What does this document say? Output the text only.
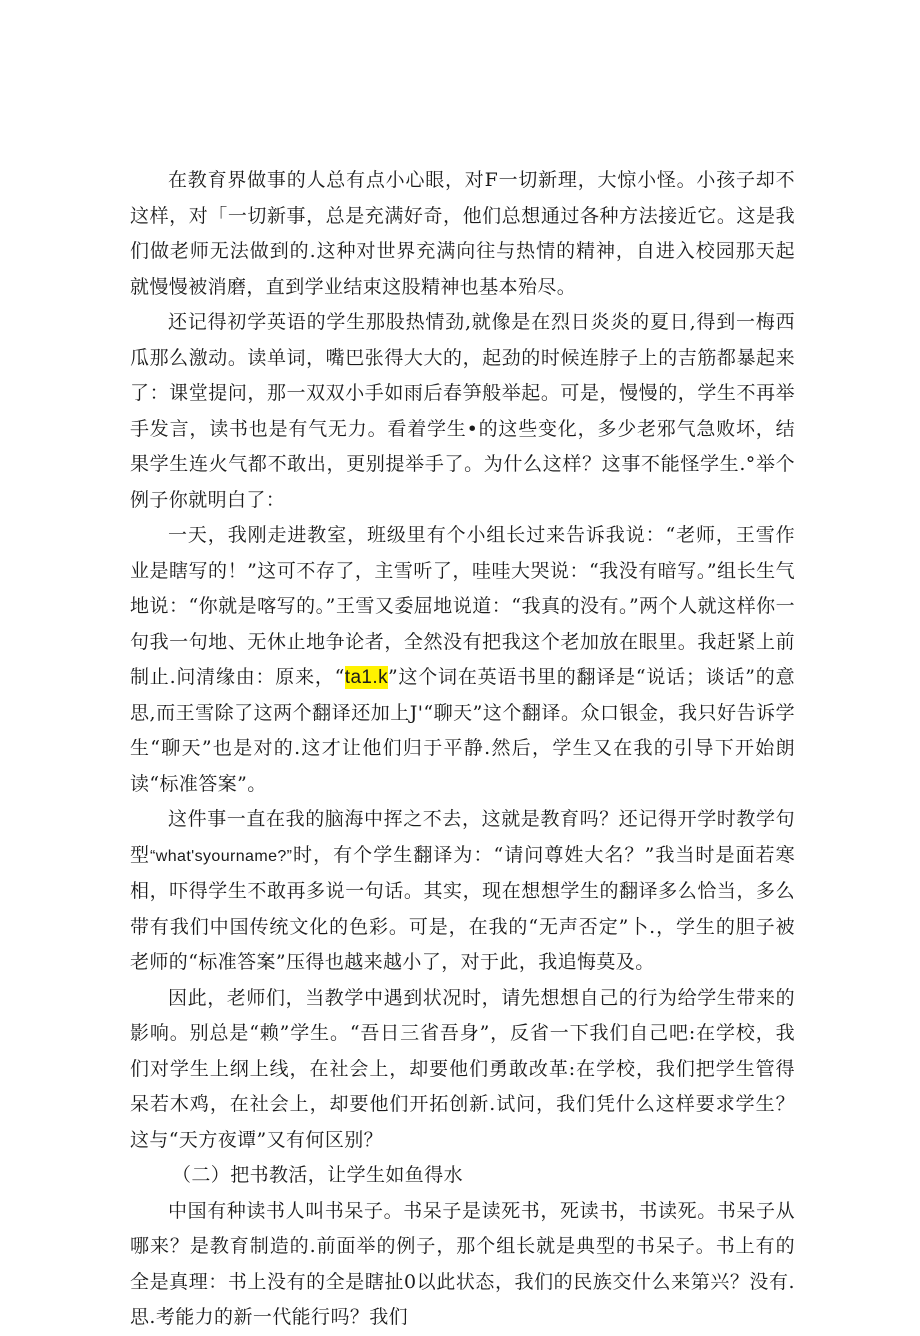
在教育界做事的人总有点小心眼，对F一切新理，大惊小怪。小孩子却不这样，对「一切新事，总是充满好奇，他们总想通过各种方法接近它。这是我们做老师无法做到的.这种对世界充满向往与热情的精神，自进入校园那天起就慢慢被消磨，直到学业结束这股精神也基本殆尽。

还记得初学英语的学生那股热情劲,就像是在烈日炎炎的夏日,得到一梅西瓜那么激动。读单词，嘴巴张得大大的，起劲的时候连脖子上的吉筋都暴起来了：课堂提问，那一双双小手如雨后春笋般举起。可是，慢慢的，学生不再举手发言，读书也是有气无力。看着学生•的这些变化，多少老邪气急败坏，结果学生连火气都不敢出，更别提举手了。为什么这样？这事不能怪学生.°举个例子你就明白了：

一天，我刚走进教室，班级里有个小组长过来告诉我说：“老师，王雪作业是瞎写的！”这可不存了，主雪听了，哇哇大哭说：“我没有暗写。”组长生气地说：“你就是喀写的。”王雪又委屈地说道：“我真的没有。”两个人就这样你一句我一句地、无休止地争论者，全然没有把我这个老加放在眼里。我赶紧上前制止.问清缘由：原来，“ta1.k”这个词在英语书里的翻译是“说话；谈话”的意思,而王雪除了这两个翻译还加上J'“聊天”这个翻译。众口银金，我只好告诉学生“聊天”也是对的.这才让他们归于平静.然后，学生又在我的引导下开始朗读“标准答案”。

这件事一直在我的脑海中挥之不去，这就是教育吗？还记得开学时教学句型“what'syourname?”时，有个学生翻译为：“请问尊姓大名？”我当时是面若寒相，吓得学生不敢再多说一句话。其实，现在想想学生的翻译多么恰当，多么带有我们中国传统文化的色彩。可是，在我的“无声否定”卜.，学生的胆子被老师的“标准答案”压得也越来越小了，对于此，我追悔莫及。

因此，老师们，当教学中遇到状况时，请先想想自己的行为给学生带来的影响。别总是“赖”学生。“吾日三省吾身”，反省一下我们自己吧:在学校，我们对学生上纲上线，在社会上，却要他们勇敢改革:在学校，我们把学生管得呆若木鸡，在社会上，却要他们开拓创新.试问，我们凭什么这样要求学生？这与“天方夜谭”又有何区别？

（二）把书教活，让学生如鱼得水

中国有种读书人叫书呆子。书呆子是读死书，死读书，书读死。书呆子从哪来？是教育制造的.前面举的例子，那个组长就是典型的书呆子。书上有的全是真理：书上没有的全是瞎扯0以此状态，我们的民族交什么来第兴？没有.思.考能力的新一代能行吗？我们
